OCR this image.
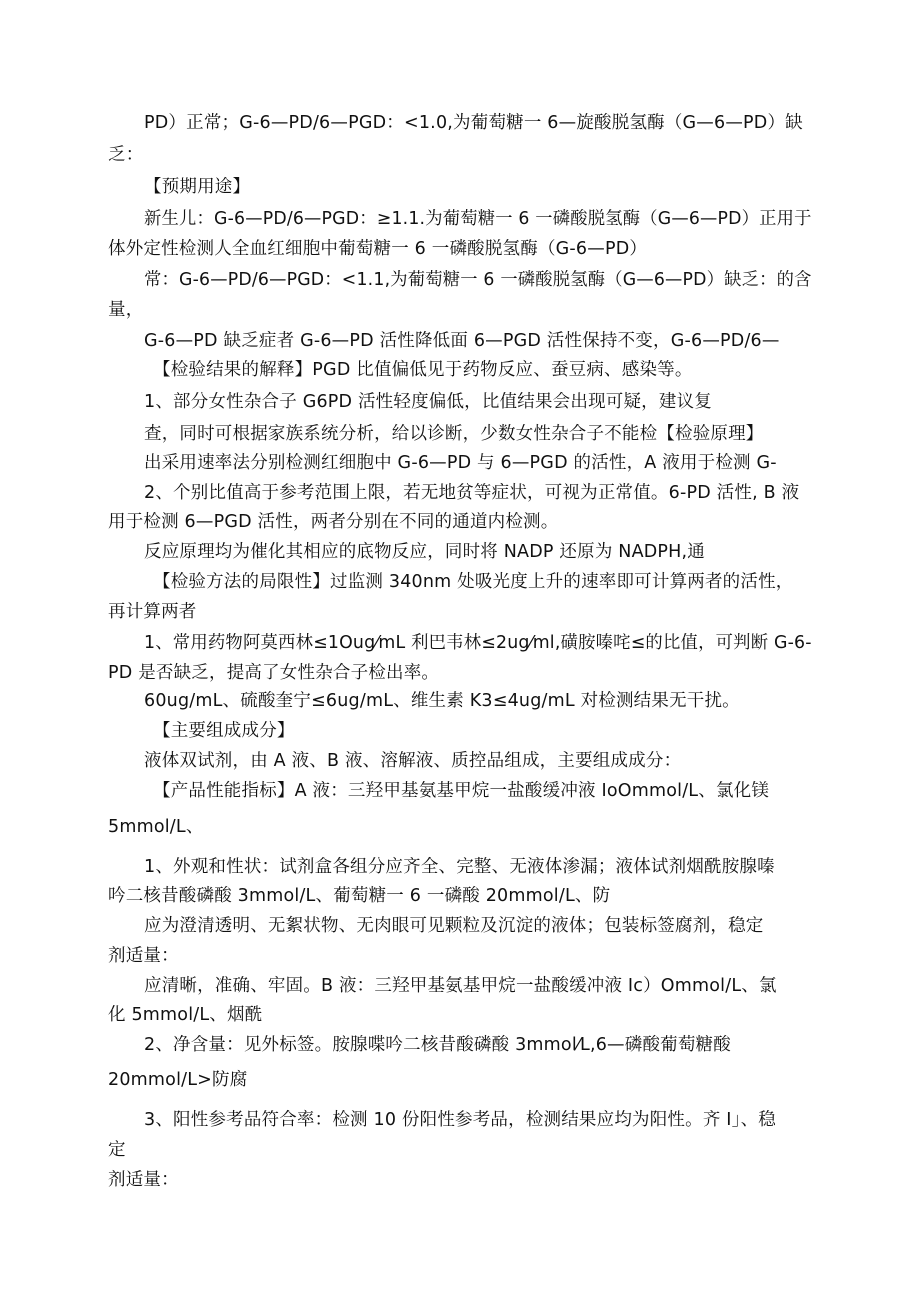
PD）正常；G-6—PD/6—PGD：<1.0,为葡萄糖一 6—旋酸脱氢酶（G—6—PD）缺
乏：
【预期用途】
新生儿：G-6—PD/6—PGD：≥1.1.为葡萄糖一 6 一磷酸脱氢酶（G—6—PD）正用于
体外定性检测人全血红细胞中葡萄糖一 6 一磷酸脱氢酶（G-6—PD）
常：G-6—PD/6—PGD：<1.1,为葡萄糖一 6 一磷酸脱氢酶（G—6—PD）缺乏：的含
量，
G-6—PD 缺乏症者 G-6—PD 活性降低面 6—PGD 活性保持不变，G-6—PD/6—
【检验结果的解释】PGD 比值偏低见于药物反应、蚕豆病、感染等。
1、部分女性杂合子 G6PD 活性轻度偏低，比值结果会出现可疑，建议复
查，同时可根据家族系统分析，给以诊断，少数女性杂合子不能检【检验原理】
出采用速率法分别检测红细胞中 G-6—PD 与 6—PGD 的活性，A 液用于检测 G-
2、个别比值高于参考范围上限，若无地贫等症状，可视为正常值。6-PD 活性, B 液
用于检测 6—PGD 活性，两者分别在不同的通道内检测。
反应原理均为催化其相应的底物反应，同时将 NADP 还原为 NADPH,通
【检验方法的局限性】过监测 340nm 处吸光度上升的速率即可计算两者的活性，
再计算两者
1、常用药物阿莫西林≤1Oug⁄mL 利巴韦林≤2ug⁄ml,磺胺嗪咤≤的比值，可判断 G-6-
PD 是否缺乏，提高了女性杂合子检出率。
60ug/mL、硫酸奎宁≤6ug/mL、维生素 K3≤4ug/mL 对检测结果无干扰。
【主要组成成分】
液体双试剂，由 A 液、B 液、溶解液、质控品组成，主要组成成分：
【产品性能指标】A 液：三羟甲基氨基甲烷一盐酸缓冲液 IoOmmol/L、氯化镁
5mmol/L、
1、外观和性状：试剂盒各组分应齐全、完整、无液体渗漏；液体试剂烟酰胺腺嗪
吟二核昔酸磷酸 3mmol/L、葡萄糖一 6 一磷酸 20mmol/L、防
应为澄清透明、无絮状物、无肉眼可见颗粒及沉淀的液体；包装标签腐剂，稳定
剂适量：
应清晰，准确、牢固。B 液：三羟甲基氨基甲烷一盐酸缓冲液 Ic）Ommol/L、氯
化 5mmol/L、烟酰
2、净含量：见外标签。胺腺喋吟二核昔酸磷酸 3mmol⁄L,6—磷酸葡萄糖酸
20mmol/L>防腐
3、阳性参考品符合率：检测 10 份阳性参考品，检测结果应均为阳性。齐 I」、稳
定
剂适量：
